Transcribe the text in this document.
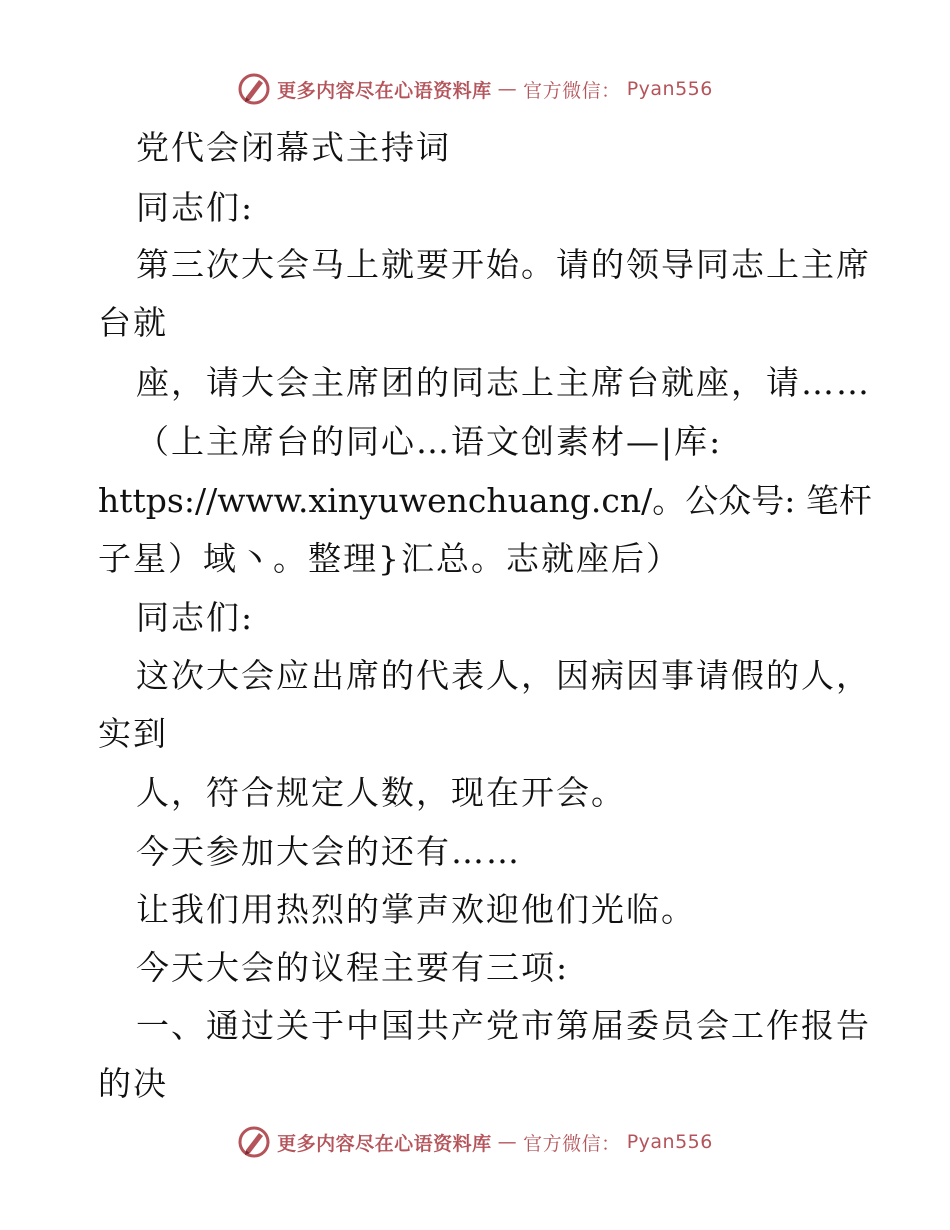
更多内容尽在心语资料库 — 官方微信： Pyan556
党代会闭幕式主持词
同志们:
第三次大会马上就要开始。请的领导同志上主席
台就
座，请大会主席团的同志上主席台就座，请……
（上主席台的同心…语文创素材—|库:
https://www.xinyuwenchuang.cn/。公众号: 笔杆
子星）域丶。整理}汇总。志就座后）
同志们:
这次大会应出席的代表人，因病因事请假的人，
实到
人，符合规定人数，现在开会。
今天参加大会的还有……
让我们用热烈的掌声欢迎他们光临。
今天大会的议程主要有三项:
一、通过关于中国共产党市第届委员会工作报告
的决
更多内容尽在心语资料库 — 官方微信： Pyan556
